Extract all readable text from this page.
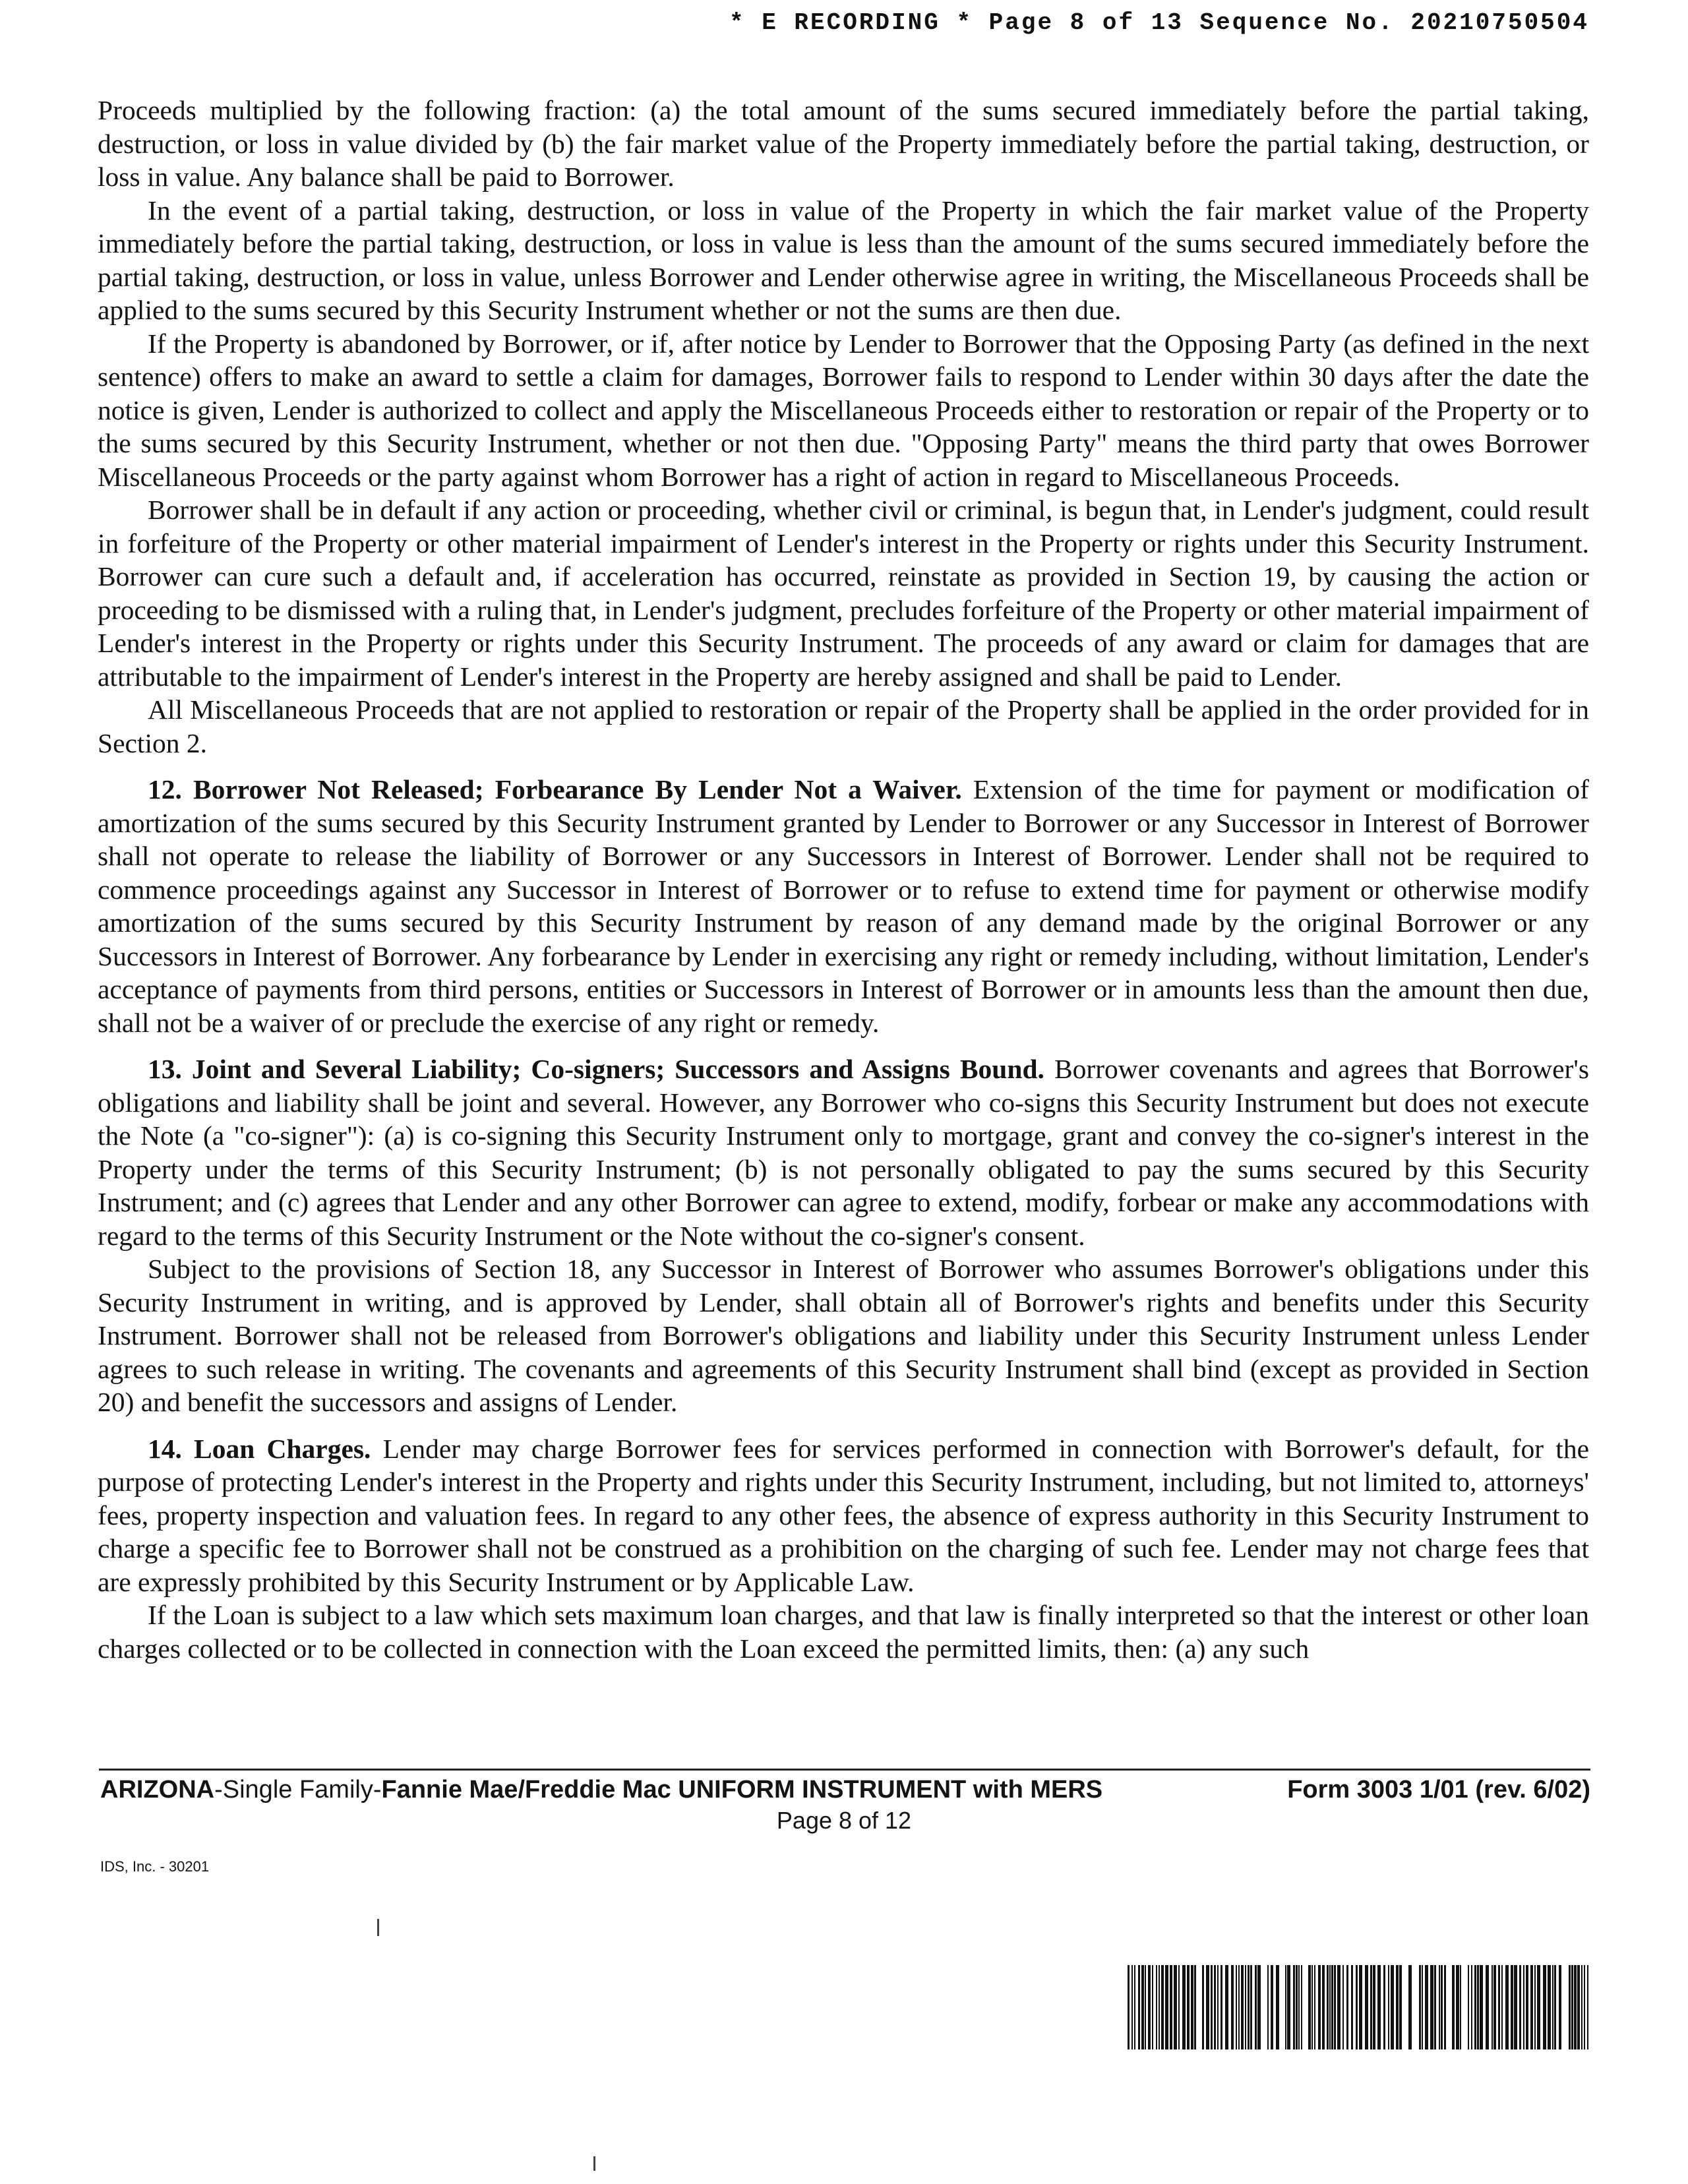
* E RECORDING * Page 8 of 13 Sequence No. 20210750504

Proceeds multiplied by the following fraction: (a) the total amount of the sums secured immediately before the partial taking, destruction, or loss in value divided by (b) the fair market value of the Property immediately before the partial taking, destruction, or loss in value. Any balance shall be paid to Borrower.

In the event of a partial taking, destruction, or loss in value of the Property in which the fair market value of the Property immediately before the partial taking, destruction, or loss in value is less than the amount of the sums secured immediately before the partial taking, destruction, or loss in value, unless Borrower and Lender otherwise agree in writing, the Miscellaneous Proceeds shall be applied to the sums secured by this Security Instrument whether or not the sums are then due.

If the Property is abandoned by Borrower, or if, after notice by Lender to Borrower that the Opposing Party (as defined in the next sentence) offers to make an award to settle a claim for damages, Borrower fails to respond to Lender within 30 days after the date the notice is given, Lender is authorized to collect and apply the Miscellaneous Proceeds either to restoration or repair of the Property or to the sums secured by this Security Instrument, whether or not then due. "Opposing Party" means the third party that owes Borrower Miscellaneous Proceeds or the party against whom Borrower has a right of action in regard to Miscellaneous Proceeds.

Borrower shall be in default if any action or proceeding, whether civil or criminal, is begun that, in Lender's judgment, could result in forfeiture of the Property or other material impairment of Lender's interest in the Property or rights under this Security Instrument. Borrower can cure such a default and, if acceleration has occurred, reinstate as provided in Section 19, by causing the action or proceeding to be dismissed with a ruling that, in Lender's judgment, precludes forfeiture of the Property or other material impairment of Lender's interest in the Property or rights under this Security Instrument. The proceeds of any award or claim for damages that are attributable to the impairment of Lender's interest in the Property are hereby assigned and shall be paid to Lender.

All Miscellaneous Proceeds that are not applied to restoration or repair of the Property shall be applied in the order provided for in Section 2.

12. Borrower Not Released; Forbearance By Lender Not a Waiver. Extension of the time for payment or modification of amortization of the sums secured by this Security Instrument granted by Lender to Borrower or any Successor in Interest of Borrower shall not operate to release the liability of Borrower or any Successors in Interest of Borrower. Lender shall not be required to commence proceedings against any Successor in Interest of Borrower or to refuse to extend time for payment or otherwise modify amortization of the sums secured by this Security Instrument by reason of any demand made by the original Borrower or any Successors in Interest of Borrower. Any forbearance by Lender in exercising any right or remedy including, without limitation, Lender's acceptance of payments from third persons, entities or Successors in Interest of Borrower or in amounts less than the amount then due, shall not be a waiver of or preclude the exercise of any right or remedy.

13. Joint and Several Liability; Co-signers; Successors and Assigns Bound. Borrower covenants and agrees that Borrower's obligations and liability shall be joint and several. However, any Borrower who co-signs this Security Instrument but does not execute the Note (a "co-signer"): (a) is co-signing this Security Instrument only to mortgage, grant and convey the co-signer's interest in the Property under the terms of this Security Instrument; (b) is not personally obligated to pay the sums secured by this Security Instrument; and (c) agrees that Lender and any other Borrower can agree to extend, modify, forbear or make any accommodations with regard to the terms of this Security Instrument or the Note without the co-signer's consent.

Subject to the provisions of Section 18, any Successor in Interest of Borrower who assumes Borrower's obligations under this Security Instrument in writing, and is approved by Lender, shall obtain all of Borrower's rights and benefits under this Security Instrument. Borrower shall not be released from Borrower's obligations and liability under this Security Instrument unless Lender agrees to such release in writing. The covenants and agreements of this Security Instrument shall bind (except as provided in Section 20) and benefit the successors and assigns of Lender.

14. Loan Charges. Lender may charge Borrower fees for services performed in connection with Borrower's default, for the purpose of protecting Lender's interest in the Property and rights under this Security Instrument, including, but not limited to, attorneys' fees, property inspection and valuation fees. In regard to any other fees, the absence of express authority in this Security Instrument to charge a specific fee to Borrower shall not be construed as a prohibition on the charging of such fee. Lender may not charge fees that are expressly prohibited by this Security Instrument or by Applicable Law.

If the Loan is subject to a law which sets maximum loan charges, and that law is finally interpreted so that the interest or other loan charges collected or to be collected in connection with the Loan exceed the permitted limits, then: (a) any such

ARIZONA-Single Family-Fannie Mae/Freddie Mac UNIFORM INSTRUMENT with MERS	Form 3003 1/01 (rev. 6/02)
Page 8 of 12
IDS, Inc. - 30201
